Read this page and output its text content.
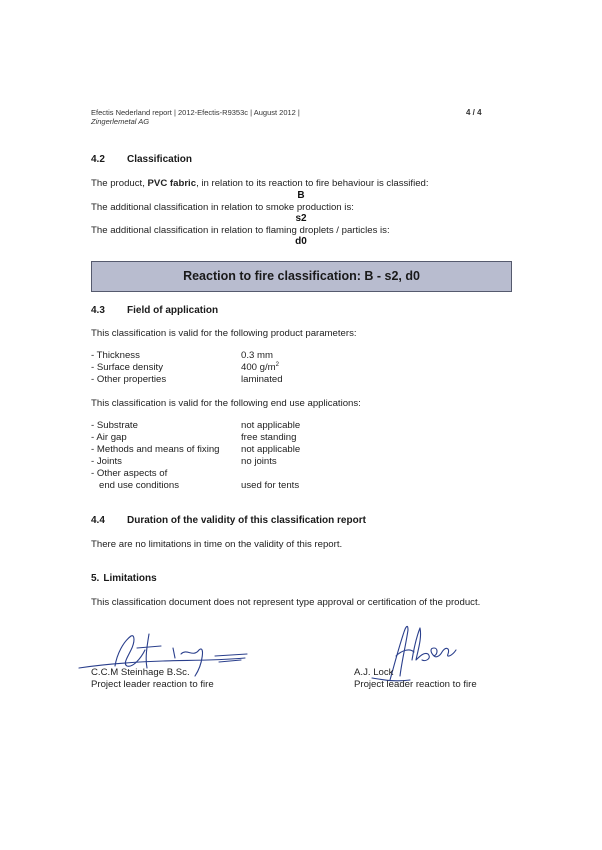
Efectis Nederland report | 2012-Efectis-R9353c | August 2012 |
Zingerlemetal AG
4 / 4
4.2 Classification
The product, PVC fabric, in relation to its reaction to fire behaviour is classified:
B
The additional classification in relation to smoke production is:
s2
The additional classification in relation to flaming droplets / particles is:
d0
Reaction to fire classification: B - s2, d0
4.3 Field of application
This classification is valid for the following product parameters:
- Thickness	0.3 mm
- Surface density	400 $g/m^2$
- Other properties	laminated
This classification is valid for the following end use applications:
- Substrate	not applicable
- Air gap	free standing
- Methods and means of fixing not applicable
- Joints	no joints
- Other aspects of
end use conditions	used for tents
4.4 Duration of the validity of this classification report
There are no limitations in time on the validity of this report.
5. Limitations
This classification document does not represent type approval or certification of the product.
C.C.M Steinhage B.Sc.
Project leader reaction to fire
A.J. Lock
Project leader reaction to fire
